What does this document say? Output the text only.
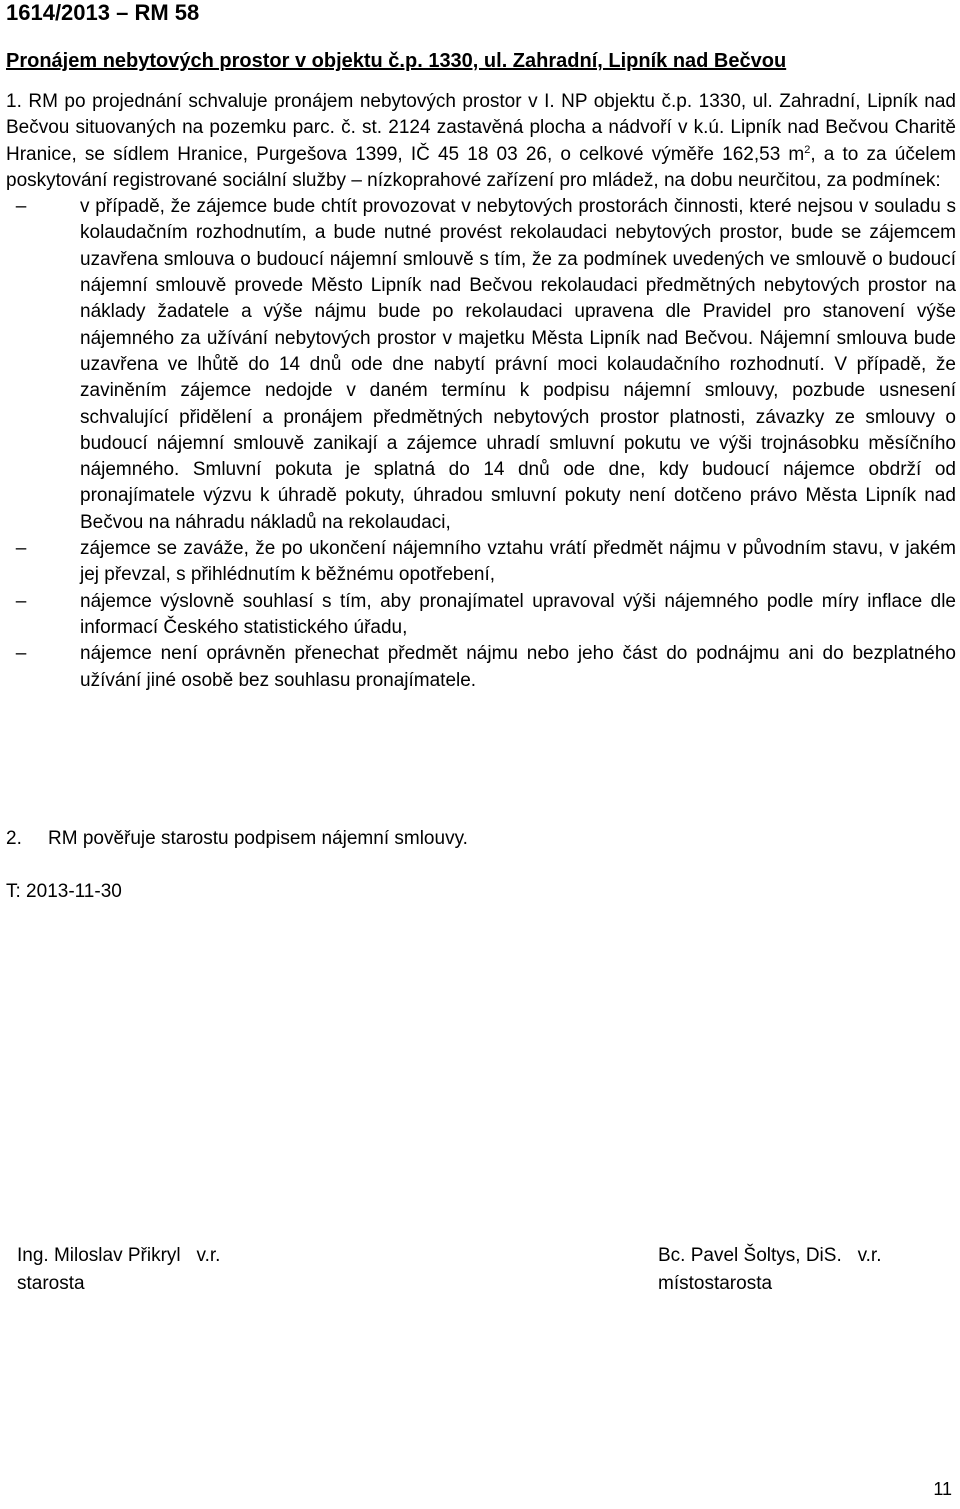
1614/2013 – RM 58
Pronájem nebytových prostor v objektu č.p. 1330, ul. Zahradní, Lipník nad Bečvou

1. RM po projednání schvaluje pronájem nebytových prostor v I. NP objektu č.p. 1330, ul. Zahradní, Lipník nad Bečvou situovaných na pozemku parc. č. st. 2124 zastavěná plocha a nádvoří v k.ú. Lipník nad Bečvou Charitě Hranice, se sídlem Hranice, Purgešova 1399, IČ 45 18 03 26, o celkové výměře 162,53 $m^2$, a to za účelem poskytování registrované sociální služby – nízkoprahové zařízení pro mládež, na dobu neurčitou, za podmínek:

–	v případě, že zájemce bude chtít provozovat v nebytových prostorách činnosti, které nejsou v souladu s kolaudačním rozhodnutím, a bude nutné provést rekolaudaci nebytových prostor, bude se zájemcem uzavřena smlouva o budoucí nájemní smlouvě s tím, že za podmínek uvedených ve smlouvě o budoucí nájemní smlouvě provede Město Lipník nad Bečvou rekolaudaci předmětných nebytových prostor na náklady žadatele a výše nájmu bude po rekolaudaci upravena dle Pravidel pro stanovení výše nájemného za užívání nebytových prostor v majetku Města Lipník nad Bečvou. Nájemní smlouva bude uzavřena ve lhůtě do 14 dnů ode dne nabytí právní moci kolaudačního rozhodnutí. V případě, že zaviněním zájemce nedojde v daném termínu k podpisu nájemní smlouvy, pozbude usnesení schvalující přidělení a pronájem předmětných nebytových prostor platnosti, závazky ze smlouvy o budoucí nájemní smlouvě zanikají a zájemce uhradí smluvní pokutu ve výši trojnásobku měsíčního nájemného. Smluvní pokuta je splatná do 14 dnů ode dne, kdy budoucí nájemce obdrží od pronajímatele výzvu k úhradě pokuty, úhradou smluvní pokuty není dotčeno právo Města Lipník nad Bečvou na náhradu nákladů na rekolaudaci,
–	zájemce se zaváže, že po ukončení nájemního vztahu vrátí předmět nájmu v původním stavu, v jakém jej převzal, s přihlédnutím k běžnému opotřebení,
–	nájemce výslovně souhlasí s tím, aby pronajímatel upravoval výši nájemného podle míry inflace dle informací Českého statistického úřadu,
–	nájemce není oprávněn přenechat předmět nájmu nebo jeho část do podnájmu ani do bezplatného užívání jiné osobě bez souhlasu pronajímatele.
2. RM pověřuje starostu podpisem nájemní smlouvy.
T: 2013-11-30
Ing. Miloslav Přikryl   v.r.
starosta
Bc. Pavel Šoltys, DiS.   v.r.
místostarosta
11
